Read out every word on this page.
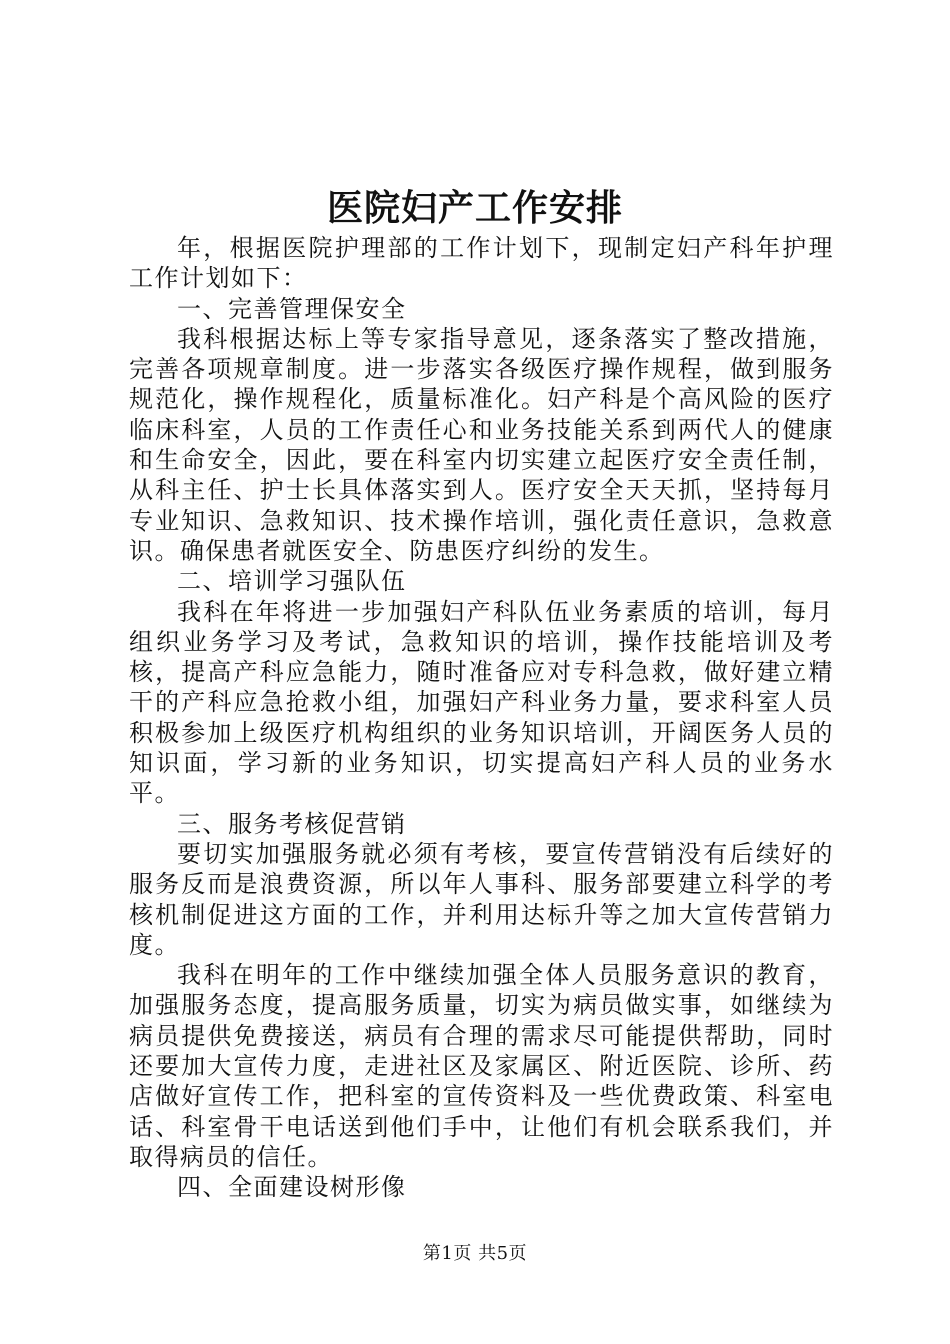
医院妇产工作安排

年，根据医院护理部的工作计划下，现制定妇产科年护理工作计划如下：

一、完善管理保安全

我科根据达标上等专家指导意见，逐条落实了整改措施，完善各项规章制度。进一步落实各级医疗操作规程，做到服务规范化，操作规程化，质量标准化。妇产科是个高风险的医疗临床科室，人员的工作责任心和业务技能关系到两代人的健康和生命安全，因此，要在科室内切实建立起医疗安全责任制，从科主任、护士长具体落实到人。医疗安全天天抓，坚持每月专业知识、急救知识、技术操作培训，强化责任意识，急救意识。确保患者就医安全、防患医疗纠纷的发生。

二、培训学习强队伍

我科在年将进一步加强妇产科队伍业务素质的培训，每月组织业务学习及考试，急救知识的培训，操作技能培训及考核，提高产科应急能力，随时准备应对专科急救，做好建立精干的产科应急抢救小组，加强妇产科业务力量，要求科室人员积极参加上级医疗机构组织的业务知识培训，开阔医务人员的知识面，学习新的业务知识，切实提高妇产科人员的业务水平。

三、服务考核促营销

要切实加强服务就必须有考核，要宣传营销没有后续好的服务反而是浪费资源，所以年人事科、服务部要建立科学的考核机制促进这方面的工作，并利用达标升等之加大宣传营销力度。

我科在明年的工作中继续加强全体人员服务意识的教育，加强服务态度，提高服务质量，切实为病员做实事，如继续为病员提供免费接送，病员有合理的需求尽可能提供帮助，同时还要加大宣传力度，走进社区及家属区、附近医院、诊所、药店做好宣传工作，把科室的宣传资料及一些优费政策、科室电话、科室骨干电话送到他们手中，让他们有机会联系我们，并取得病员的信任。

四、全面建设树形像

第1页 共5页
